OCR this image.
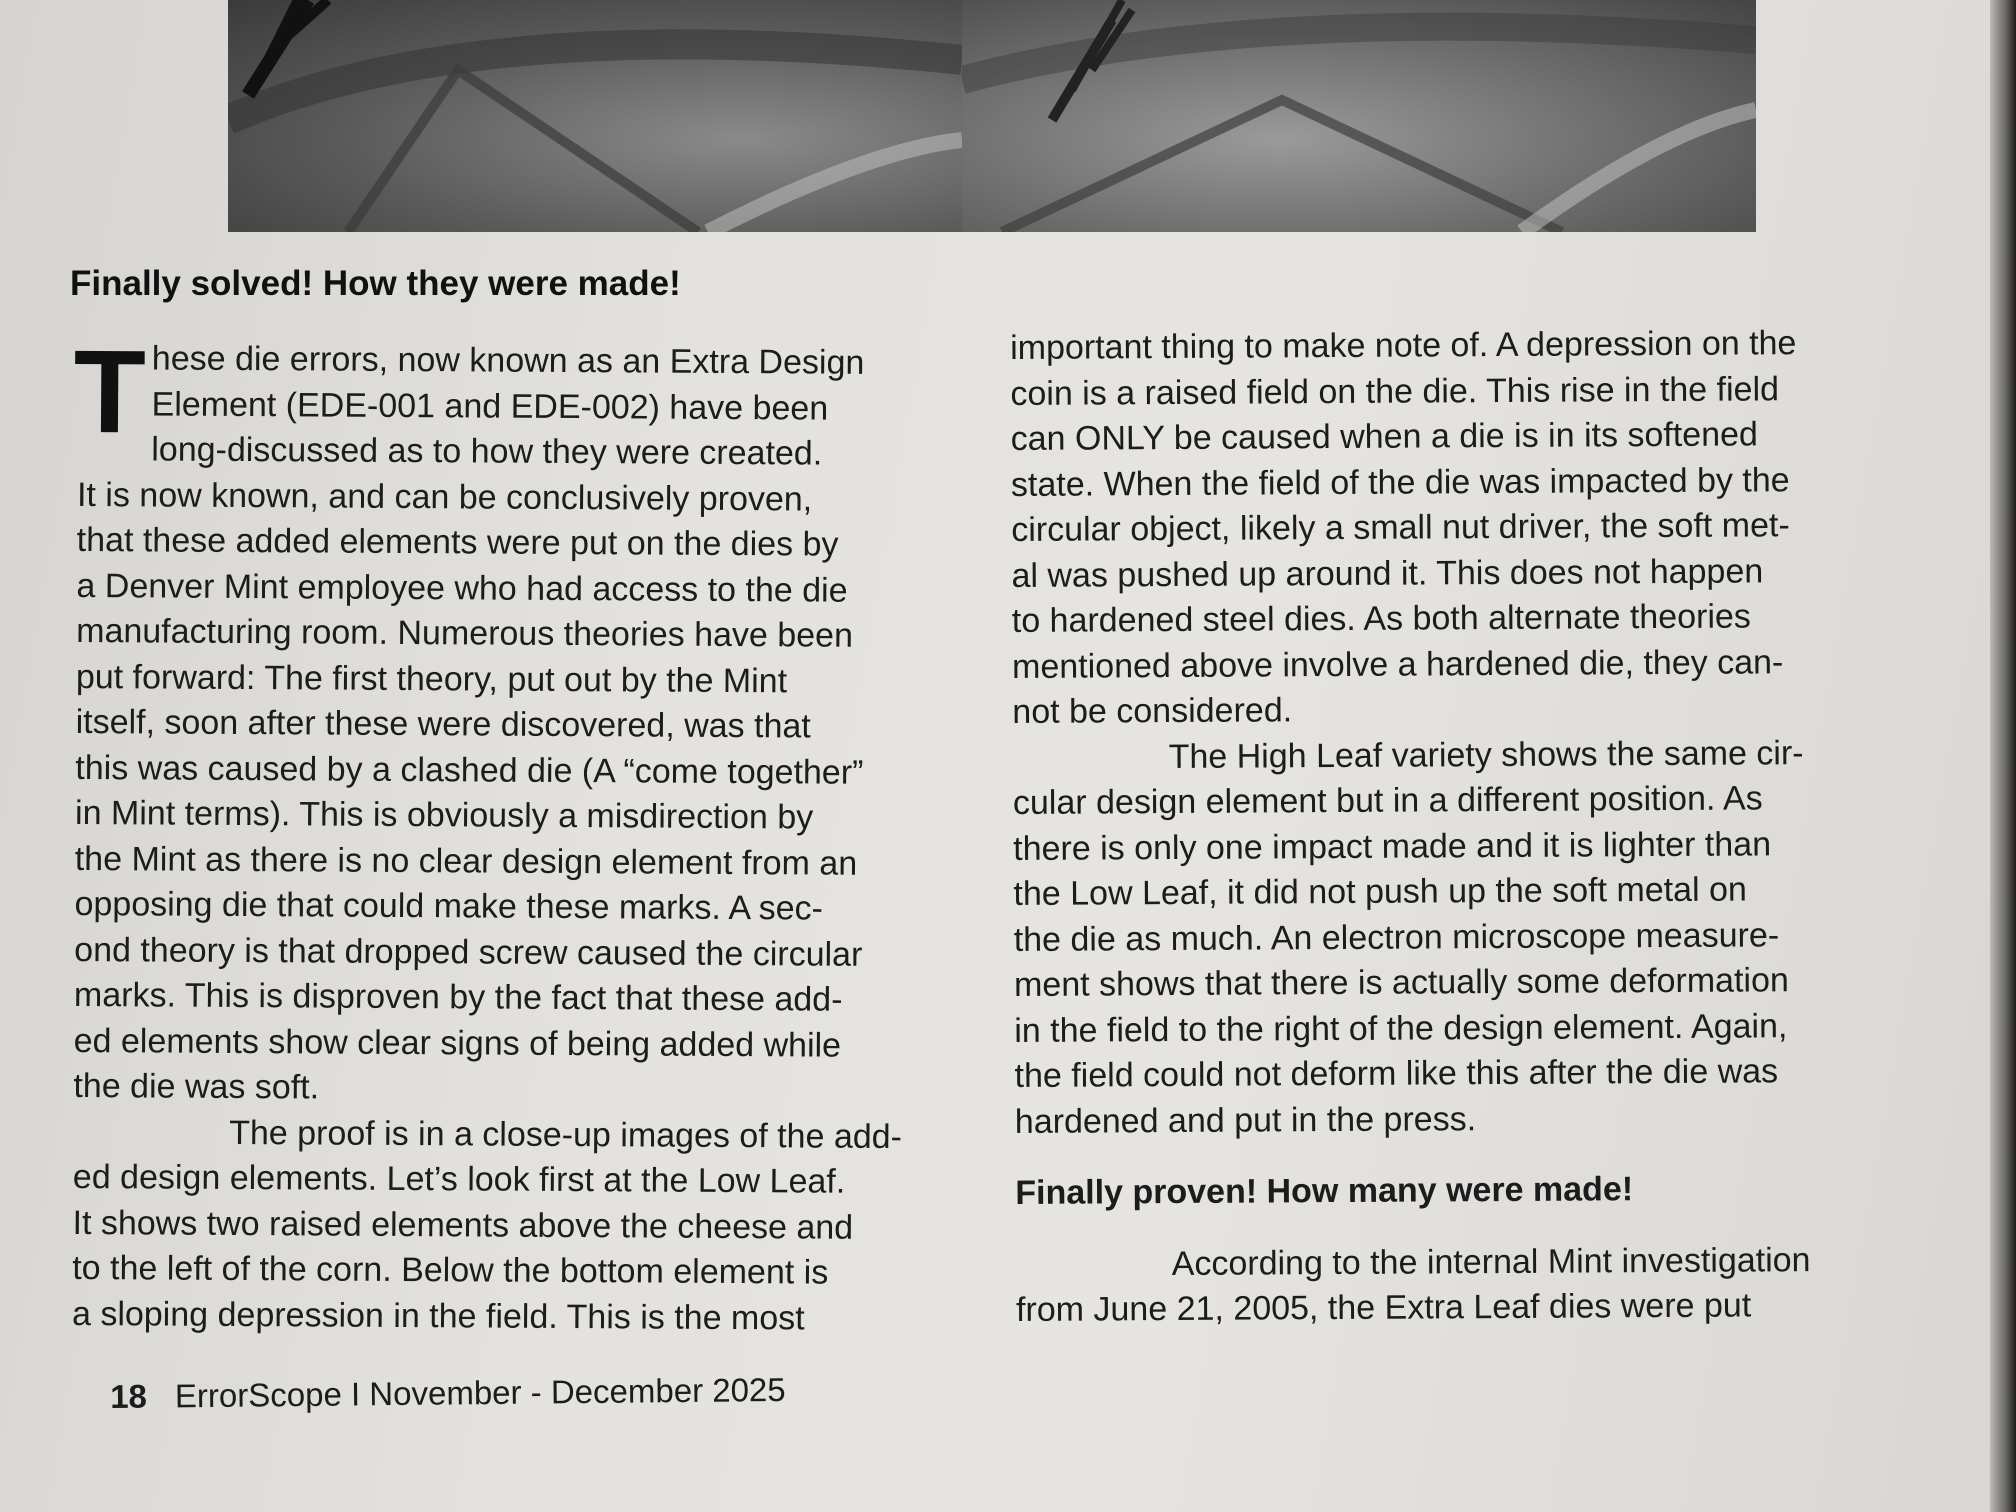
Finally solved! How they were made!
T hese die errors, now known as an Extra Design

Element (EDE-001 and EDE-002) have been

long-discussed as to how they were created.

It is now known, and can be conclusively proven,

that these added elements were put on the dies by

a Denver Mint employee who had access to the die

manufacturing room. Numerous theories have been

put forward: The first theory, put out by the Mint

itself, soon after these were discovered, was that

this was caused by a clashed die (A “come together”

in Mint terms). This is obviously a misdirection by

the Mint as there is no clear design element from an

opposing die that could make these marks. A sec-

ond theory is that dropped screw caused the circular

marks. This is disproven by the fact that these add-

ed elements show clear signs of being added while

the die was soft.

The proof is in a close-up images of the add-

ed design elements. Let’s look first at the Low Leaf.

It shows two raised elements above the cheese and

to the left of the corn. Below the bottom element is

a sloping depression in the field. This is the most

important thing to make note of. A depression on the

coin is a raised field on the die. This rise in the field

can ONLY be caused when a die is in its softened

state. When the field of the die was impacted by the

circular object, likely a small nut driver, the soft met-

al was pushed up around it. This does not happen

to hardened steel dies. As both alternate theories

mentioned above involve a hardened die, they can-

not be considered.

The High Leaf variety shows the same cir-

cular design element but in a different position. As

there is only one impact made and it is lighter than

the Low Leaf, it did not push up the soft metal on

the die as much. An electron microscope measure-

ment shows that there is actually some deformation

in the field to the right of the design element. Again,

the field could not deform like this after the die was

hardened and put in the press.

Finally proven! How many were made!

According to the internal Mint investigation

from June 21, 2005, the Extra Leaf dies were put

18 ErrorScope I November - December 2025
